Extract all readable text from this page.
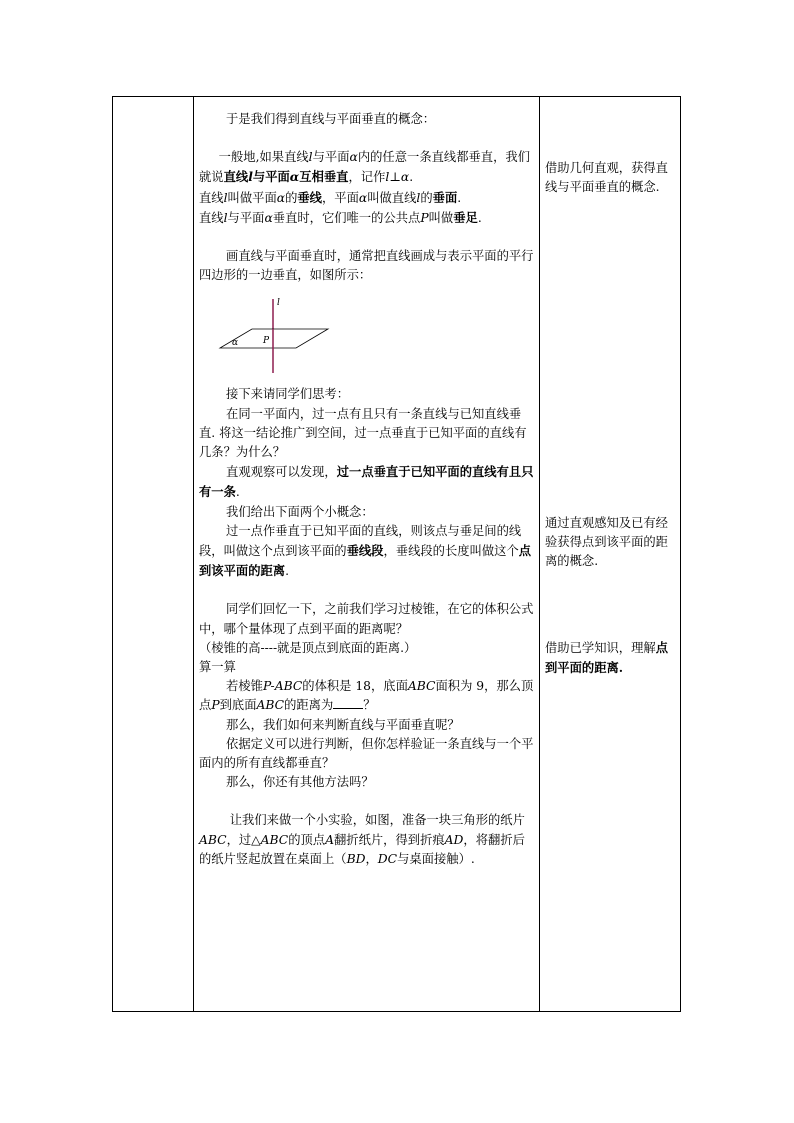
于是我们得到直线与平面垂直的概念：

一般地,如果直线l与平面α内的任意一条直线都垂直，我们就说直线l与平面α互相垂直，记作l⊥α.

直线l叫做平面α的垂线，平面α叫做直线l的垂面.

直线l与平面α垂直时，它们唯一的公共点P叫做垂足.

画直线与平面垂直时，通常把直线画成与表示平面的平行四边形的一边垂直，如图所示：

l
P
α

接下来请同学们思考：

在同一平面内，过一点有且只有一条直线与已知直线垂直. 将这一结论推广到空间，过一点垂直于已知平面的直线有几条？为什么？

直观观察可以发现，过一点垂直于已知平面的直线有且只有一条.

我们给出下面两个小概念：

过一点作垂直于已知平面的直线，则该点与垂足间的线段，叫做这个点到该平面的垂线段，垂线段的长度叫做这个点到该平面的距离.

同学们回忆一下，之前我们学习过棱锥，在它的体积公式中，哪个量体现了点到平面的距离呢？

（棱锥的高----就是顶点到底面的距离.）

算一算

若棱锥P-ABC的体积是 18，底面ABC面积为 9，那么顶点P到底面ABC的距离为 ？

那么，我们如何来判断直线与平面垂直呢？

依据定义可以进行判断，但你怎样验证一条直线与一个平面内的所有直线都垂直？

那么，你还有其他方法吗？

让我们来做一个小实验，如图，准备一块三角形的纸片ABC，过△ABC的顶点A翻折纸片，得到折痕AD，将翻折后的纸片竖起放置在桌面上（BD，DC与桌面接触）.

借助几何直观，获得直线与平面垂直的概念.
通过直观感知及已有经验获得点到该平面的距离的概念.
借助已学知识，理解点到平面的距离.
